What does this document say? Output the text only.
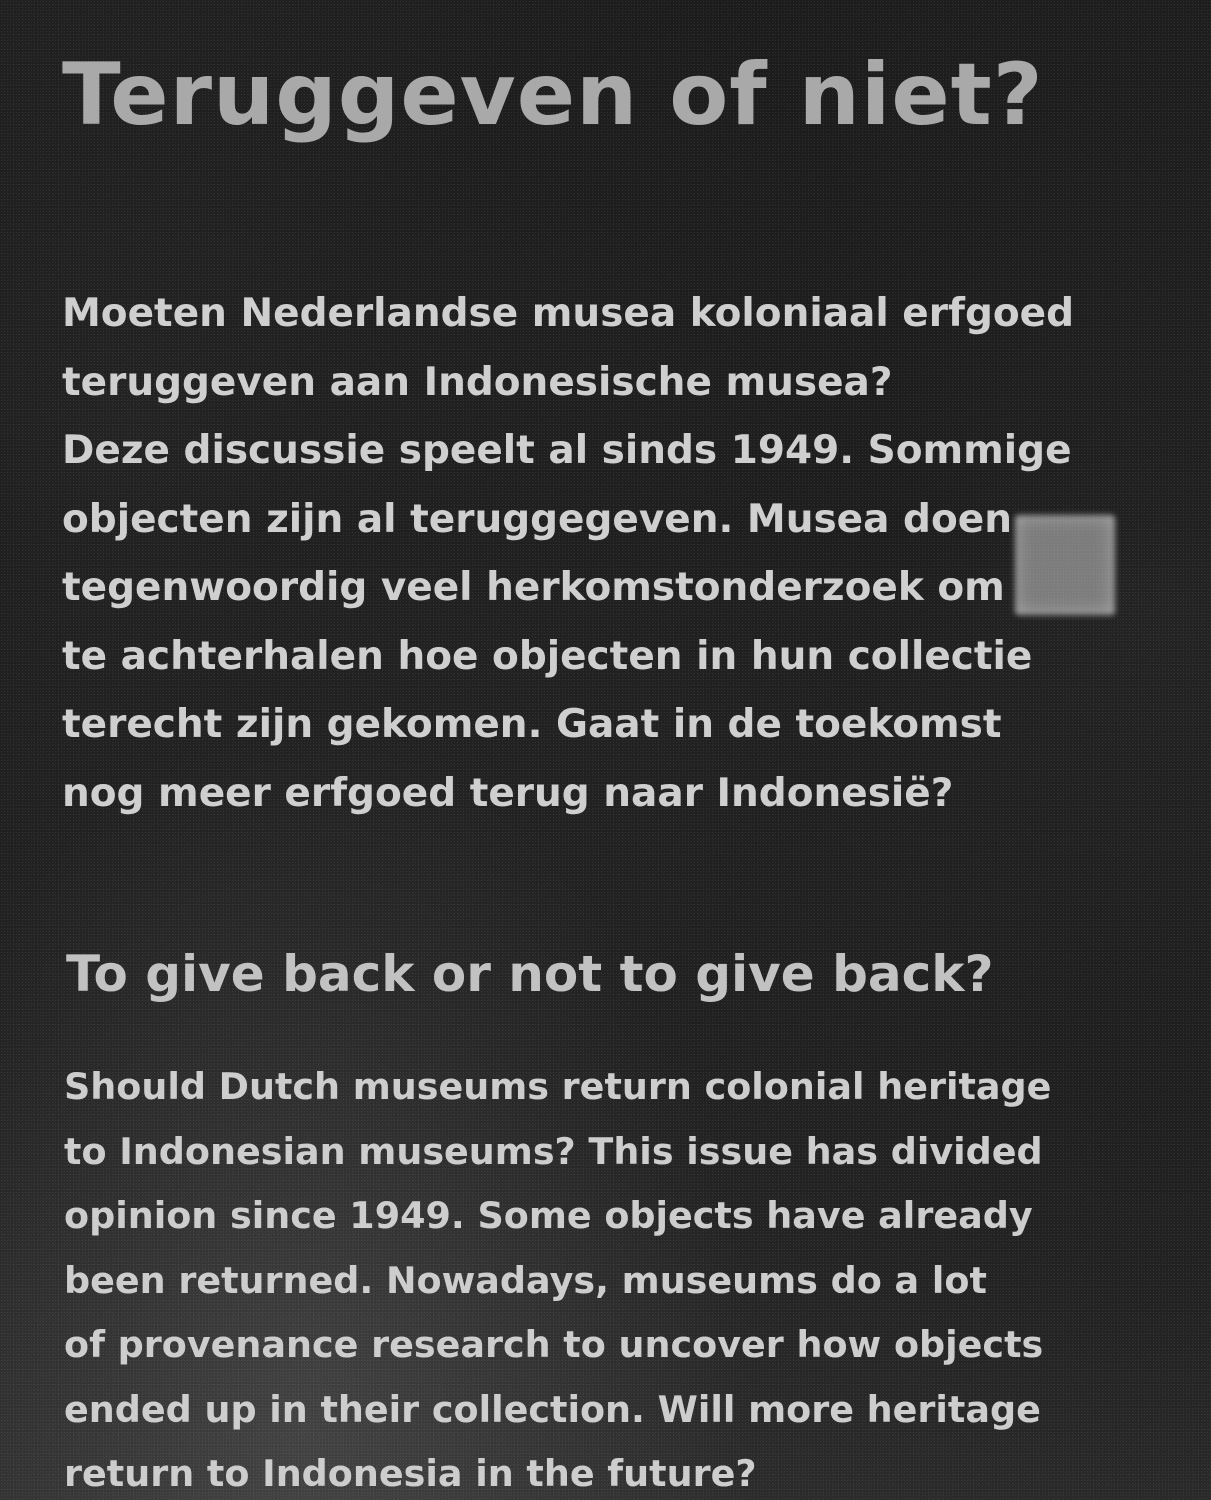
Teruggeven of niet?

Moeten Nederlandse musea koloniaal erfgoed
teruggeven aan Indonesische musea?
Deze discussie speelt al sinds 1949. Sommige
objecten zijn al teruggegeven. Musea doen
tegenwoordig veel herkomstonderzoek om
te achterhalen hoe objecten in hun collectie
terecht zijn gekomen. Gaat in de toekomst
nog meer erfgoed terug naar Indonesië?

To give back or not to give back?

Should Dutch museums return colonial heritage
to Indonesian museums? This issue has divided
opinion since 1949. Some objects have already
been returned. Nowadays, museums do a lot
of provenance research to uncover how objects
ended up in their collection. Will more heritage
return to Indonesia in the future?
